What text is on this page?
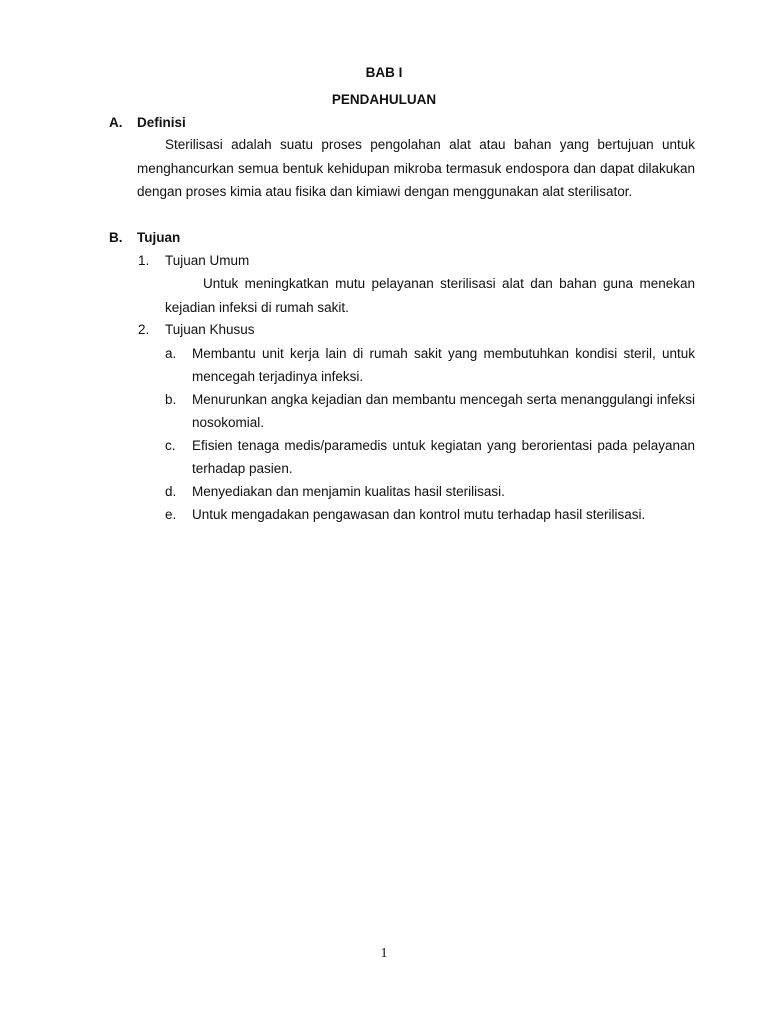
BAB I
PENDAHULUAN
A.	Definisi
Sterilisasi adalah suatu proses pengolahan alat atau bahan yang bertujuan untuk menghancurkan semua bentuk kehidupan mikroba termasuk endospora dan dapat dilakukan dengan proses kimia atau fisika dan kimiawi dengan menggunakan alat sterilisator.
B.	Tujuan
1. Tujuan Umum
Untuk meningkatkan mutu pelayanan sterilisasi alat dan bahan guna menekan kejadian infeksi di rumah sakit.
2. Tujuan Khusus
a. Membantu unit kerja lain di rumah sakit yang membutuhkan kondisi steril, untuk mencegah terjadinya infeksi.
b. Menurunkan angka kejadian dan membantu mencegah serta menanggulangi infeksi nosokomial.
c. Efisien tenaga medis/paramedis untuk kegiatan yang berorientasi pada pelayanan terhadap pasien.
d. Menyediakan dan menjamin kualitas hasil sterilisasi.
e. Untuk mengadakan pengawasan dan kontrol mutu terhadap hasil sterilisasi.
1
